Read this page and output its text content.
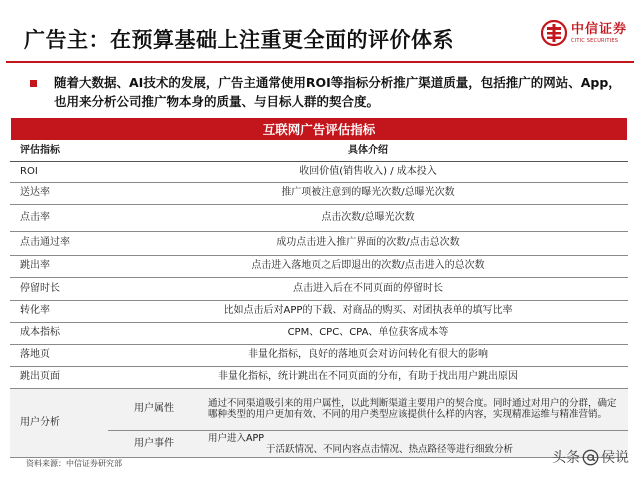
广告主：在预算基础上注重更全面的评价体系	中信证券
CITIC SECURITIES
随着大数据、AI技术的发展，广告主通常使用ROI等指标分析推广渠道质量，包括推广的网站、App，也用来分析公司推广物本身的质量、与目标人群的契合度。
互联网广告评估指标
评估指标	具体介绍	
ROI	收回价值(销售收入) / 成本投入	
送达率	推广项被注意到的曝光次数/总曝光次数	
点击率	点击次数/总曝光次数	
点击通过率	成功点击进入推广界面的次数/点击总次数	
跳出率	点击进入落地页之后即退出的次数/点击进入的总次数	
停留时长	点击进入后在不同页面的停留时长	
转化率	比如点击后对APP的下载、对商品的购买、对团执表单的填写比率	
成本指标	CPM、CPC、CPA、单位获客成本等	
落地页	非量化指标，良好的落地页会对访问转化有很大的影响	
跳出页面	非量化指标，统计跳出在不同页面的分布，有助于找出用户跳出原因	
用户分析	用户属性	通过不同渠道吸引来的用户属性，以此判断渠道主要用户的契合度。同时通过对用户的分群，确定哪种类型的用户更加有效、不同的用户类型应该提供什么样的内容，实现精准运维与精准营销。
	用户事件	用户进入APP
于活跃情况、不同内容点击情况、热点路径等进行细致分析
资料来源：中信证券研究部	头条 侯说
